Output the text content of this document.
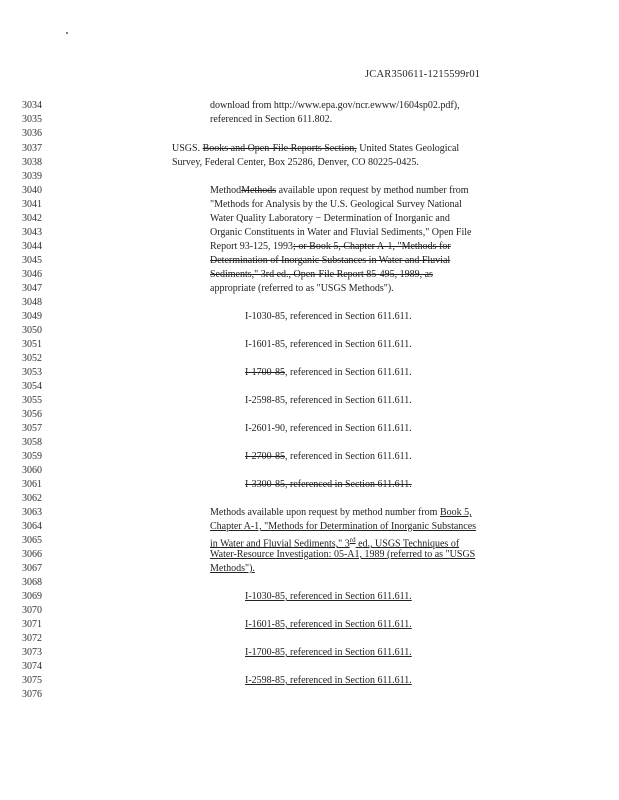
JCAR350611-1215599r01
3034
3035
3036
3037
3038
3039
3040
3041
3042
3043
3044
3045
3046
3047
3048
3049
3050
3051
3052
3053
3054
3055
3056
3057
3058
3059
3060
3061
3062
3063
3064
3065
3066
3067
3068
3069
3070
3071
3072
3073
3074
3075
3076
download from http://www.epa.gov/ncr.ewww/1604sp02.pdf),
referenced in Section 611.802.
USGS. Books and Open-File Reports Section, United States Geological
Survey, Federal Center, Box 25286, Denver, CO 80225-0425.
MethodMethods available upon request by method number from
"Methods for Analysis by the U.S. Geological Survey National
Water Quality Laboratory − Determination of Inorganic and
Organic Constituents in Water and Fluvial Sediments," Open File
Report 93-125, 1993; or Book 5, Chapter A-1, "Methods for
Determination of Inorganic Substances in Water and Fluvial
Sediments," 3rd ed., Open-File Report 85-495, 1989, as
appropriate (referred to as "USGS Methods").
I-1030-85, referenced in Section 611.611.
I-1601-85, referenced in Section 611.611.
I-1700-85, referenced in Section 611.611.
I-2598-85, referenced in Section 611.611.
I-2601-90, referenced in Section 611.611.
I-2700-85, referenced in Section 611.611.
I-3300-85, referenced in Section 611.611.
Methods available upon request by method number from Book 5,
Chapter A-1, "Methods for Determination of Inorganic Substances
in Water and Fluvial Sediments," 3rd ed., USGS Techniques of
Water-Resource Investigation: 05-A1, 1989 (referred to as "USGS
Methods").
I-1030-85, referenced in Section 611.611.
I-1601-85, referenced in Section 611.611.
I-1700-85, referenced in Section 611.611.
I-2598-85, referenced in Section 611.611.
